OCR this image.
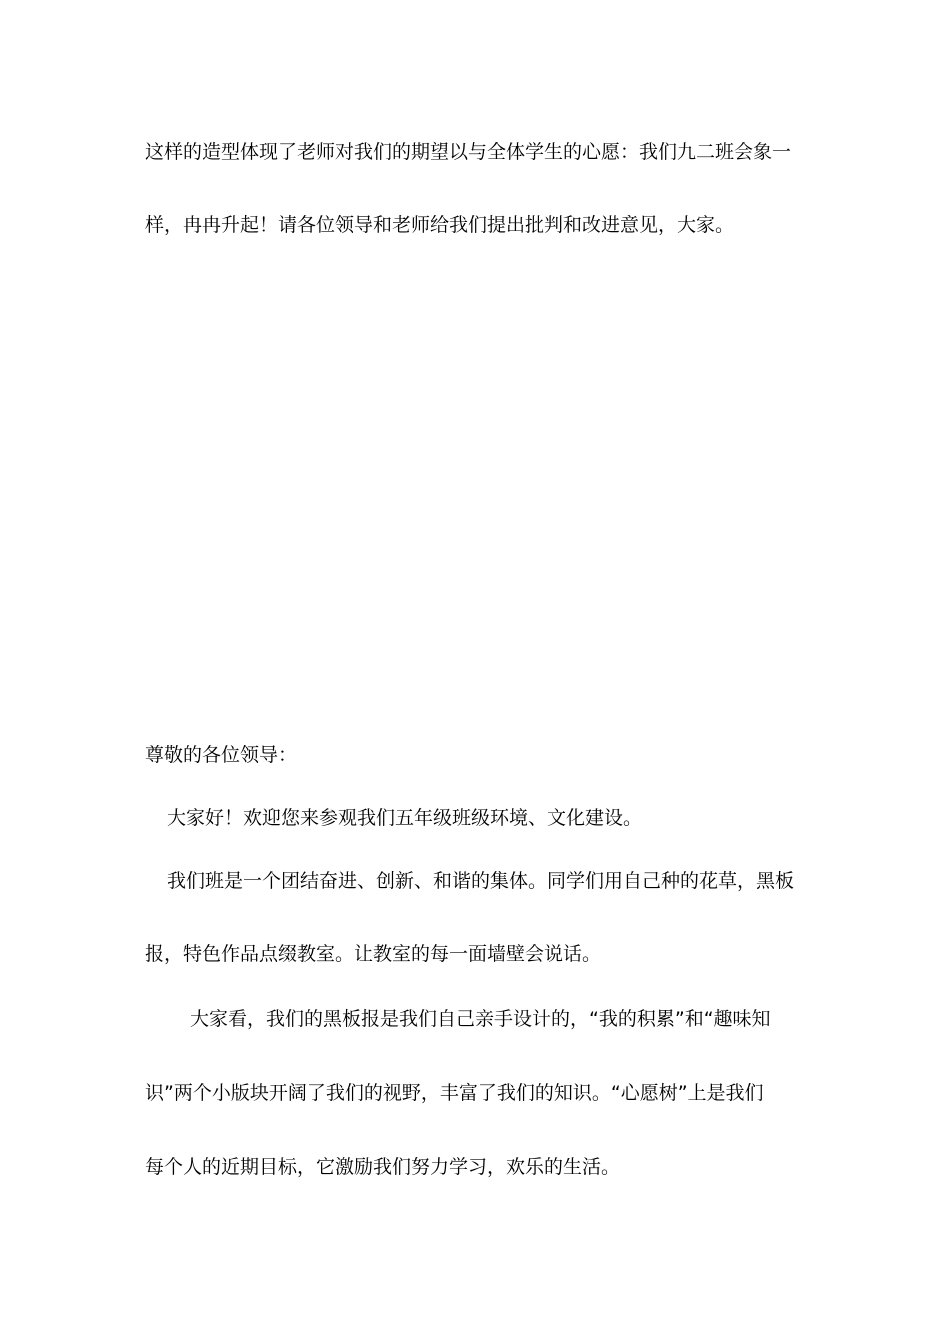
这样的造型体现了老师对我们的期望以与全体学生的心愿：我们九二班会象一
样，冉冉升起！请各位领导和老师给我们提出批判和改进意见，大家。
尊敬的各位领导：
大家好！欢迎您来参观我们五年级班级环境、文化建设。
我们班是一个团结奋进、创新、和谐的集体。同学们用自己种的花草，黑板
报，特色作品点缀教室。让教室的每一面墙壁会说话。
大家看，我们的黑板报是我们自己亲手设计的，“我的积累”和“趣味知
识”两个小版块开阔了我们的视野，丰富了我们的知识。“心愿树”上是我们
每个人的近期目标，它激励我们努力学习，欢乐的生活。
